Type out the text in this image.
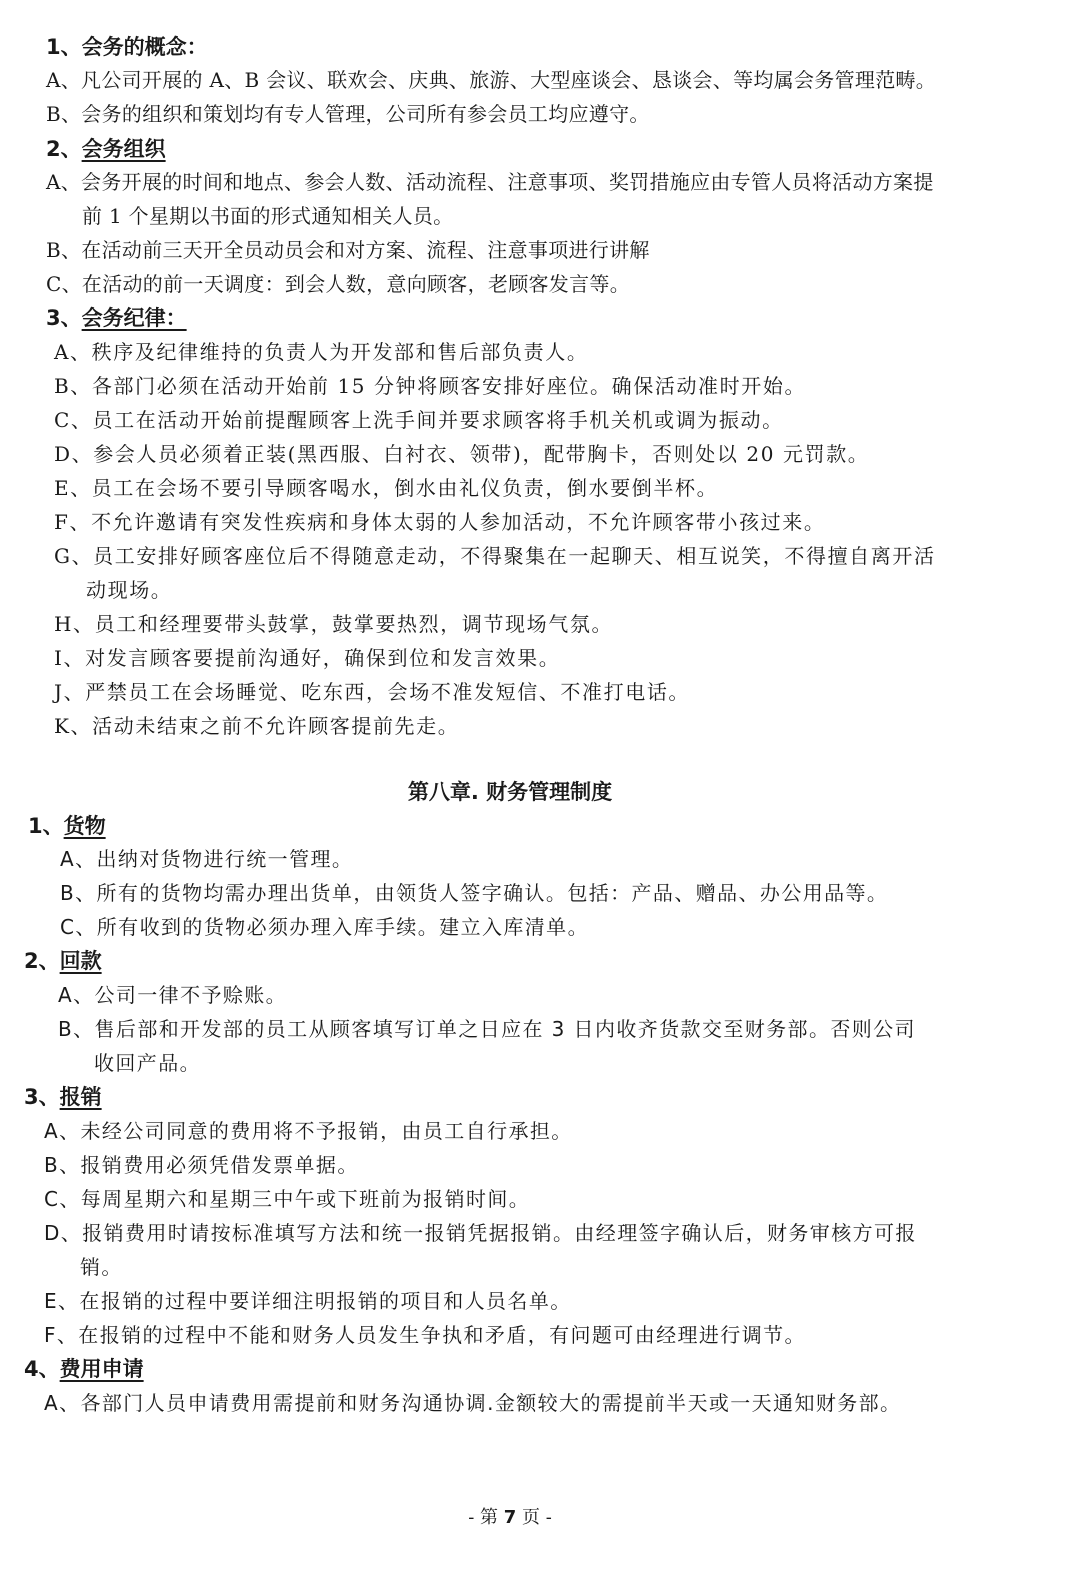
1、会务的概念：
A、凡公司开展的 A、B 会议、联欢会、庆典、旅游、大型座谈会、恳谈会、等均属会务管理范畴。
B、会务的组织和策划均有专人管理，公司所有参会员工均应遵守。
2、会务组织
A、会务开展的时间和地点、参会人数、活动流程、注意事项、奖罚措施应由专管人员将活动方案提
前 1 个星期以书面的形式通知相关人员。
B、在活动前三天开全员动员会和对方案、流程、注意事项进行讲解
C、在活动的前一天调度：到会人数，意向顾客，老顾客发言等。
3、会务纪律：
A、秩序及纪律维持的负责人为开发部和售后部负责人。
B、各部门必须在活动开始前 15 分钟将顾客安排好座位。确保活动准时开始。
C、员工在活动开始前提醒顾客上洗手间并要求顾客将手机关机或调为振动。
D、参会人员必须着正装(黑西服、白衬衣、领带)，配带胸卡，否则处以 20 元罚款。
E、员工在会场不要引导顾客喝水，倒水由礼仪负责，倒水要倒半杯。
F、不允许邀请有突发性疾病和身体太弱的人参加活动，不允许顾客带小孩过来。
G、员工安排好顾客座位后不得随意走动，不得聚集在一起聊天、相互说笑，不得擅自离开活
动现场。
H、员工和经理要带头鼓掌，鼓掌要热烈，调节现场气氛。
I、对发言顾客要提前沟通好，确保到位和发言效果。
J、严禁员工在会场睡觉、吃东西，会场不准发短信、不准打电话。
K、活动未结束之前不允许顾客提前先走。
第八章. 财务管理制度
1、货物
A、出纳对货物进行统一管理。
B、所有的货物均需办理出货单，由领货人签字确认。包括：产品、赠品、办公用品等。
C、所有收到的货物必须办理入库手续。建立入库清单。
2、回款
A、公司一律不予赊账。
B、售后部和开发部的员工从顾客填写订单之日应在 3 日内收齐货款交至财务部。否则公司
收回产品。
3、报销
A、未经公司同意的费用将不予报销，由员工自行承担。
B、报销费用必须凭借发票单据。
C、每周星期六和星期三中午或下班前为报销时间。
D、报销费用时请按标准填写方法和统一报销凭据报销。由经理签字确认后，财务审核方可报
销。
E、在报销的过程中要详细注明报销的项目和人员名单。
F、在报销的过程中不能和财务人员发生争执和矛盾，有问题可由经理进行调节。
4、费用申请
A、各部门人员申请费用需提前和财务沟通协调.金额较大的需提前半天或一天通知财务部。
- 第 7 页 -
